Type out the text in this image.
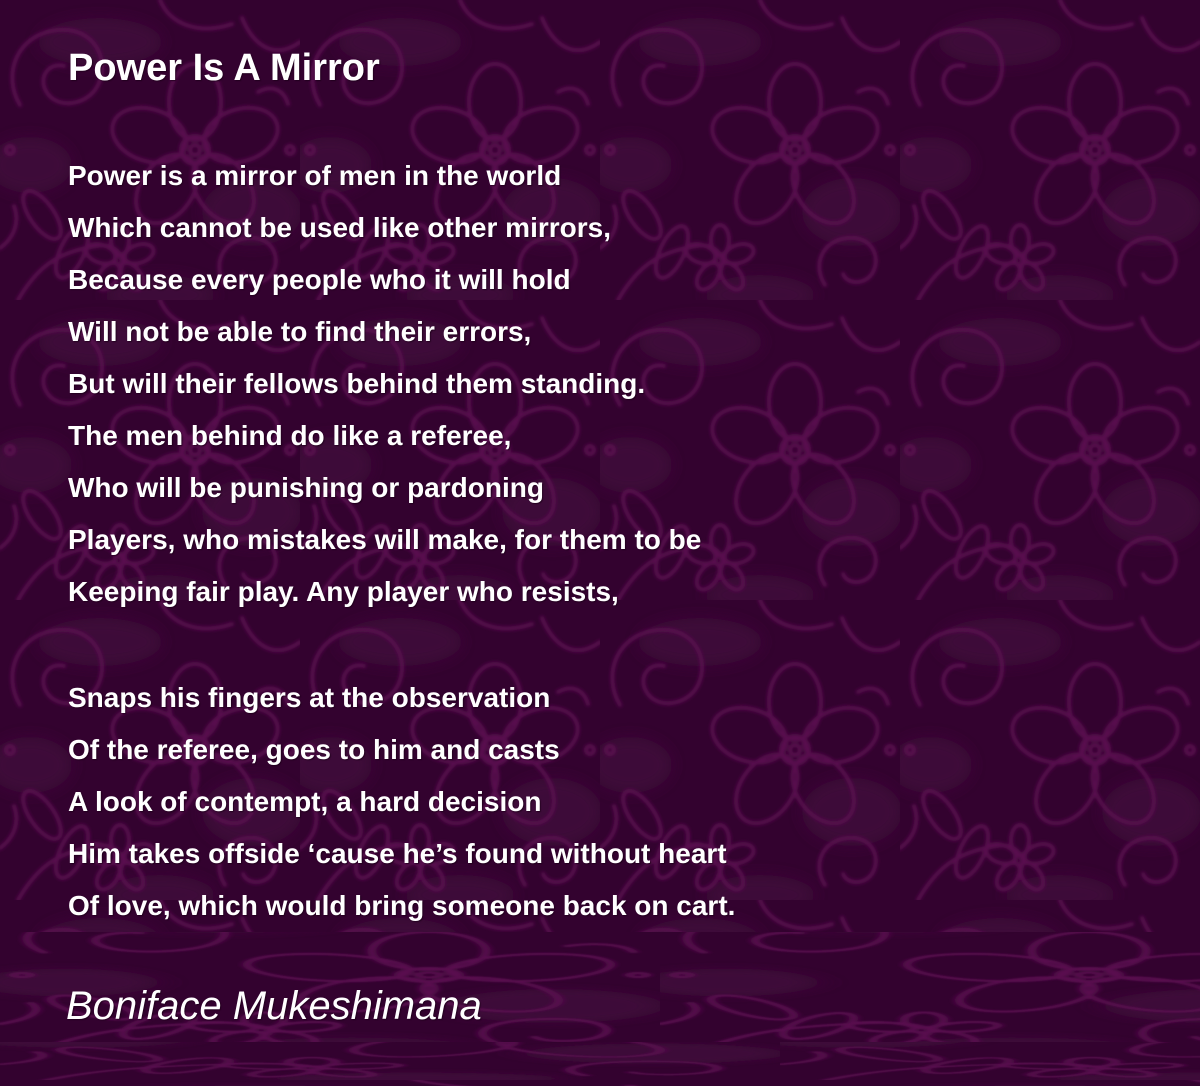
Power Is A Mirror
Power is a mirror of men in the world
Which cannot be used like other mirrors,
Because every people who it will hold
Will not be able to find their errors,
But will their fellows behind them standing.
The men behind do like a referee,
Who will be punishing or pardoning
Players, who mistakes will make, for them to be
Keeping fair play. Any player who resists,
Snaps his fingers at the observation
Of the referee, goes to him and casts
A look of contempt, a hard decision
Him takes offside ‘cause he’s found without heart
Of love, which would bring someone back on cart.
Boniface Mukeshimana
